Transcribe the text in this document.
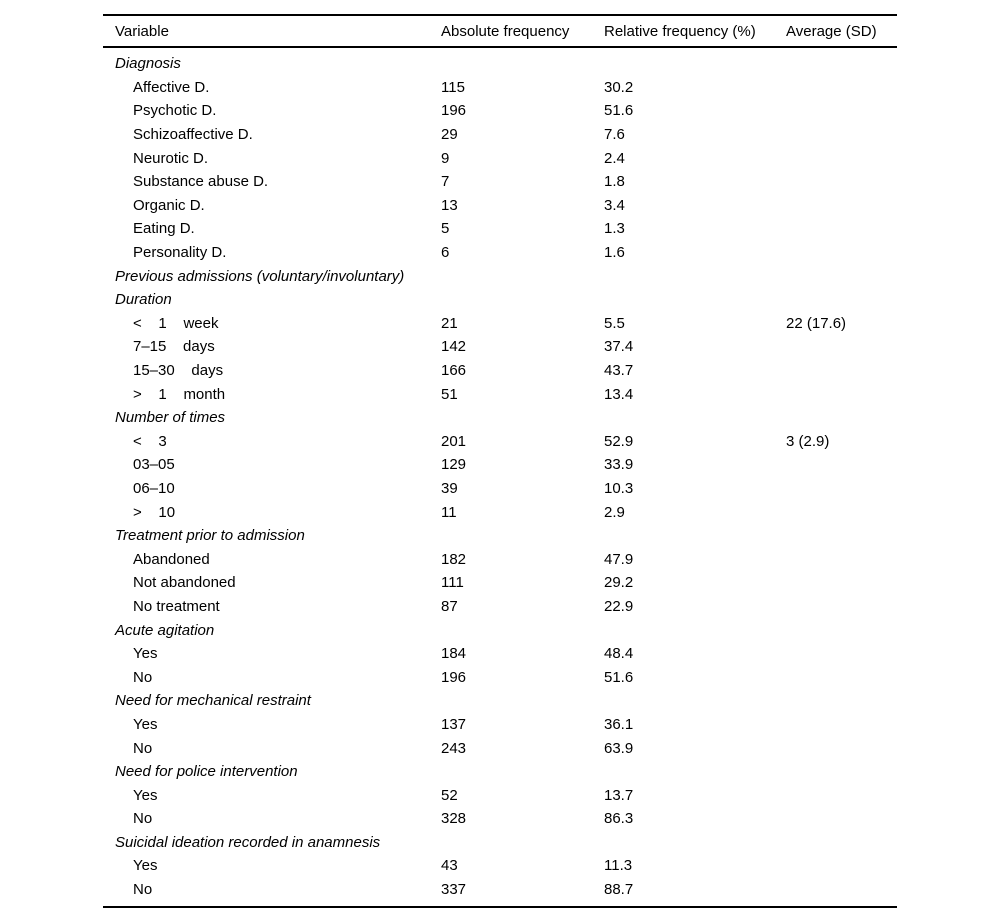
Variable	Absolute frequency	Relative frequency (%)	Average (SD)
Diagnosis			
Affective D.	115	30.2	
Psychotic D.	196	51.6	
Schizoaffective D.	29	7.6	
Neurotic D.	9	2.4	
Substance abuse D.	7	1.8	
Organic D.	13	3.4	
Eating D.	5	1.3	
Personality D.	6	1.6	
Previous admissions (voluntary/involuntary)			
Duration			
<    1    week	21	5.5	22 (17.6)
7–15    days	142	37.4	
15–30    days	166	43.7	
>    1    month	51	13.4	
Number of times			
<    3	201	52.9	3 (2.9)
03–05	129	33.9	
06–10	39	10.3	
>    10	11	2.9	
Treatment prior to admission			
Abandoned	182	47.9	
Not abandoned	111	29.2	
No treatment	87	22.9	
Acute agitation			
Yes	184	48.4	
No	196	51.6	
Need for mechanical restraint			
Yes	137	36.1	
No	243	63.9	
Need for police intervention			
Yes	52	13.7	
No	328	86.3	
Suicidal ideation recorded in anamnesis			
Yes	43	11.3	
No	337	88.7	
